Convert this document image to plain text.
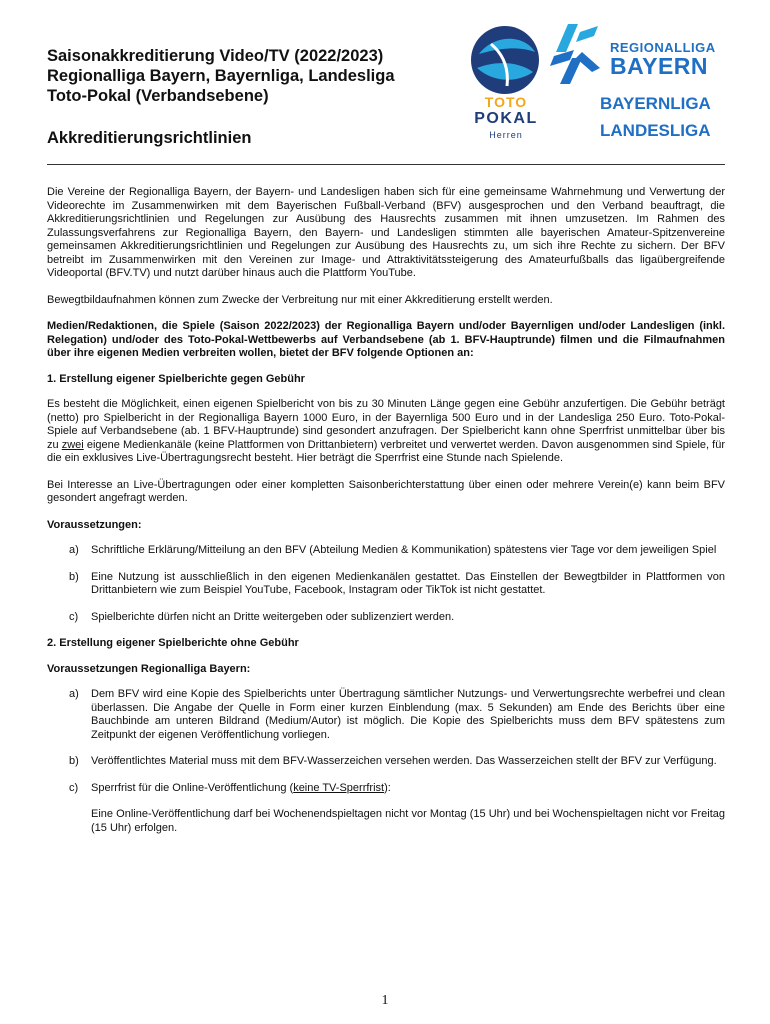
Saisonakkreditierung Video/TV (2022/2023)

Regionalliga Bayern, Bayernliga, Landesliga

Toto-Pokal (Verbandsebene)

Akkreditierungsrichtlinien
TOTO
POKAL
Herren
REGIONALLIGA
BAYERN
BAYERNLIGA
LANDESLIGA

Die Vereine der Regionalliga Bayern, der Bayern- und Landesligen haben sich für eine gemeinsame Wahrnehmung und Verwertung der Videorechte im Zusammenwirken mit dem Bayerischen Fußball-Verband (BFV) ausgesprochen und den Verband beauftragt, die Akkreditierungsrichtlinien und Regelungen zur Ausübung des Hausrechts zusammen mit ihnen umzusetzen. Im Rahmen des Zulassungsverfahrens zur Regionalliga Bayern, den Bayern- und Landesligen stimmten alle bayerischen Amateur-Spitzenvereine gemeinsamen Akkreditierungsrichtlinien und Regelungen zur Ausübung des Hausrechts zu, um sich ihre Rechte zu sichern. Der BFV betreibt im Zusammenwirken mit den Vereinen zur Image- und Attraktivitätssteigerung des Amateurfußballs das ligaübergreifende Videoportal (BFV.TV) und nutzt darüber hinaus auch die Plattform YouTube.

Bewegtbildaufnahmen können zum Zwecke der Verbreitung nur mit einer Akkreditierung erstellt werden.

Medien/Redaktionen, die Spiele (Saison 2022/2023) der Regionalliga Bayern und/oder Bayernligen und/oder Landesligen (inkl. Relegation) und/oder des Toto-Pokal-Wettbewerbs auf Verbandsebene (ab 1. BFV-Hauptrunde) filmen und die Filmaufnahmen über ihre eigenen Medien verbreiten wollen, bietet der BFV folgende Optionen an:

1. Erstellung eigener Spielberichte gegen Gebühr

Es besteht die Möglichkeit, einen eigenen Spielbericht von bis zu 30 Minuten Länge gegen eine Gebühr anzufertigen. Die Gebühr beträgt (netto) pro Spielbericht in der Regionalliga Bayern 1000 Euro, in der Bayernliga 500 Euro und in der Landesliga 250 Euro. Toto-Pokal-Spiele auf Verbandsebene (ab. 1 BFV-Hauptrunde) sind gesondert anzufragen. Der Spielbericht kann ohne Sperrfrist unmittelbar über bis zu zwei eigene Medienkanäle (keine Plattformen von Drittanbietern) verbreitet und verwertet werden. Davon ausgenommen sind Spiele, für die ein exklusives Live-Übertragungsrecht besteht. Hier beträgt die Sperrfrist eine Stunde nach Spielende.

Bei Interesse an Live-Übertragungen oder einer kompletten Saisonberichterstattung über einen oder mehrere Verein(e) kann beim BFV gesondert angefragt werden.

Voraussetzungen:

a)	Schriftliche Erklärung/Mitteilung an den BFV (Abteilung Medien & Kommunikation) spätestens vier Tage vor dem jeweiligen Spiel
b)	Eine Nutzung ist ausschließlich in den eigenen Medienkanälen gestattet. Das Einstellen der Bewegtbilder in Plattformen von Drittanbietern wie zum Beispiel YouTube, Facebook, Instagram oder TikTok ist nicht gestattet.
c)	Spielberichte dürfen nicht an Dritte weitergeben oder sublizenziert werden.

2. Erstellung eigener Spielberichte ohne Gebühr

Voraussetzungen Regionalliga Bayern:

a)	Dem BFV wird eine Kopie des Spielberichts unter Übertragung sämtlicher Nutzungs- und Verwertungsrechte werbefrei und clean überlassen. Die Angabe der Quelle in Form einer kurzen Einblendung (max. 5 Sekunden) am Ende des Berichts über eine Bauchbinde am unteren Bildrand (Medium/Autor) ist möglich. Die Kopie des Spielberichts muss dem BFV spätestens zum Zeitpunkt der eigenen Veröffentlichung vorliegen.
b)	Veröffentlichtes Material muss mit dem BFV-Wasserzeichen versehen werden. Das Wasserzeichen stellt der BFV zur Verfügung.
c)	Sperrfrist für die Online-Veröffentlichung (keine TV-Sperrfrist):

Eine Online-Veröffentlichung darf bei Wochenendspieltagen nicht vor Montag (15 Uhr) und bei Wochenspieltagen nicht vor Freitag (15 Uhr) erfolgen.

1
